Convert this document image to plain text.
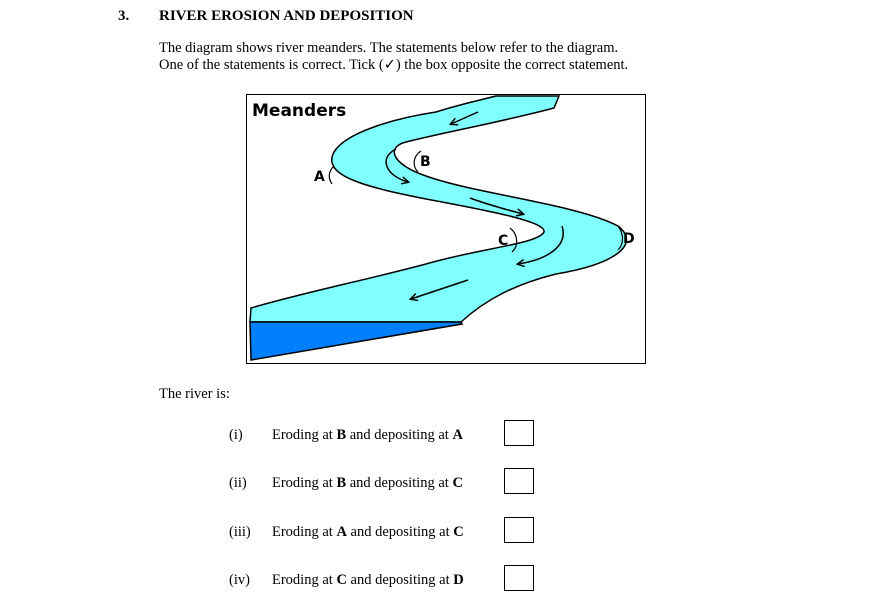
3. RIVER EROSION AND DEPOSITION
The diagram shows river meanders. The statements below refer to the diagram.
One of the statements is correct. Tick (✓) the box opposite the correct statement.
Meanders
A
B
C	D
The river is:
(i) Eroding at B and depositing at A
(ii) Eroding at B and depositing at C
(iii) Eroding at A and depositing at C
(iv) Eroding at C and depositing at D
